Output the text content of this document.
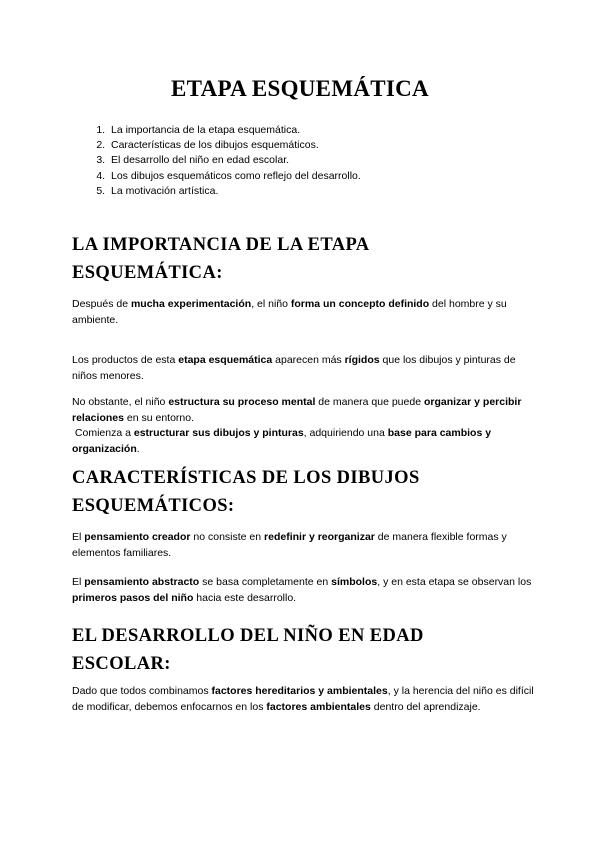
ETAPA ESQUEMÁTICA
1. La importancia de la etapa esquemática.
2. Características de los dibujos esquemáticos.
3. El desarrollo del niño en edad escolar.
4. Los dibujos esquemáticos como reflejo del desarrollo.
5. La motivación artística.
LA IMPORTANCIA DE LA ETAPA
ESQUEMÁTICA:

Después de mucha experimentación, el niño forma un concepto definido del hombre y su ambiente.

Los productos de esta etapa esquemática aparecen más rígidos que los dibujos y pinturas de niños menores.

No obstante, el niño estructura su proceso mental de manera que puede organizar y percibir relaciones en su entorno.
Comienza a estructurar sus dibujos y pinturas, adquiriendo una base para cambios y organización.

CARACTERÍSTICAS DE LOS DIBUJOS
ESQUEMÁTICOS:

El pensamiento creador no consiste en redefinir y reorganizar de manera flexible formas y elementos familiares.

El pensamiento abstracto se basa completamente en símbolos, y en esta etapa se observan los primeros pasos del niño hacia este desarrollo.

EL DESARROLLO DEL NIÑO EN EDAD
ESCOLAR:

Dado que todos combinamos factores hereditarios y ambientales, y la herencia del niño es difícil de modificar, debemos enfocarnos en los factores ambientales dentro del aprendizaje.
